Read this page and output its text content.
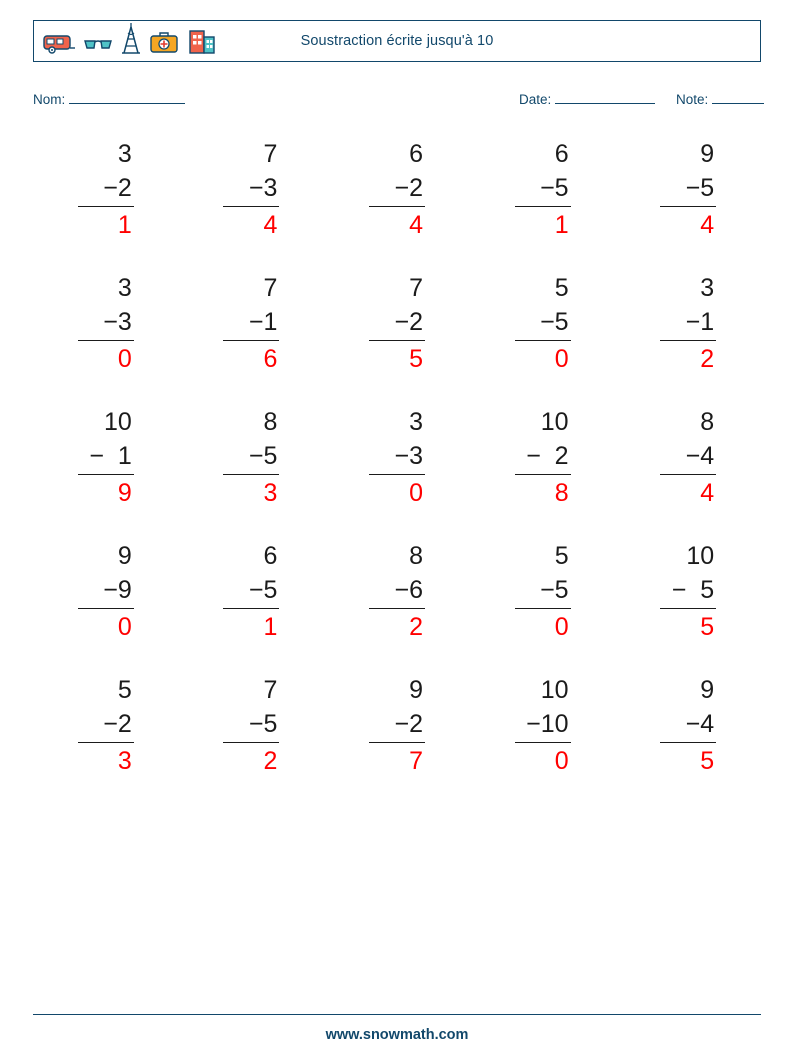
Soustraction écrite jusqu'à 10
Nom:	Date:	Note:
3
−2
1
7
−3
4
6
−2
4
6
−5
1
9
−5
4
3
−3
0
7
−1
6
7
−2
5
5
−5
0
3
−1
2
10
−  1
9
8
−5
3
3
−3
0
10
−  2
8
8
−4
4
9
−9
0
6
−5
1
8
−6
2
5
−5
0
10
−  5
5
5
−2
3
7
−5
2
9
−2
7
10
−10
0
9
−4
5
www.snowmath.com
